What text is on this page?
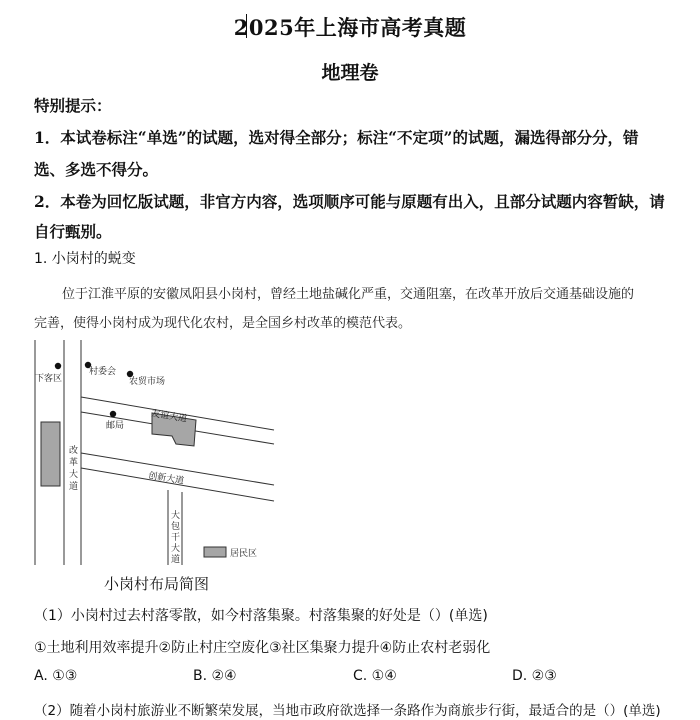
2025年上海市高考真题
地理卷
特别提示：
1．本试卷标注“单选”的试题，选对得全部分；标注“不定项”的试题，漏选得部分分，错
选、多选不得分。
2．本卷为回忆版试题，非官方内容，选项顺序可能与原题有出入，且部分试题内容暂缺，请
自行甄别。
1. 小岗村的蜕变
位于江淮平原的安徽凤阳县小岗村，曾经土地盐碱化严重，交通阻塞，在改革开放后交通基础设施的
完善，使得小岗村成为现代化农村，是全国乡村改革的模范代表。
下客区
村委会
农贸市场
友谊大道
邮局
创新大道
改
革
大
道
大
包
干
大
道
居民区
小岗村布局简图
（1）小岗村过去村落零散，如今村落集聚。村落集聚的好处是（）(单选)
①土地利用效率提升②防止村庄空废化③社区集聚力提升④防止农村老弱化
A. ①③	B. ②④	C. ①④	D. ②③
（2）随着小岗村旅游业不断繁荣发展，当地市政府欲选择一条路作为商旅步行街，最适合的是（）(单选)
